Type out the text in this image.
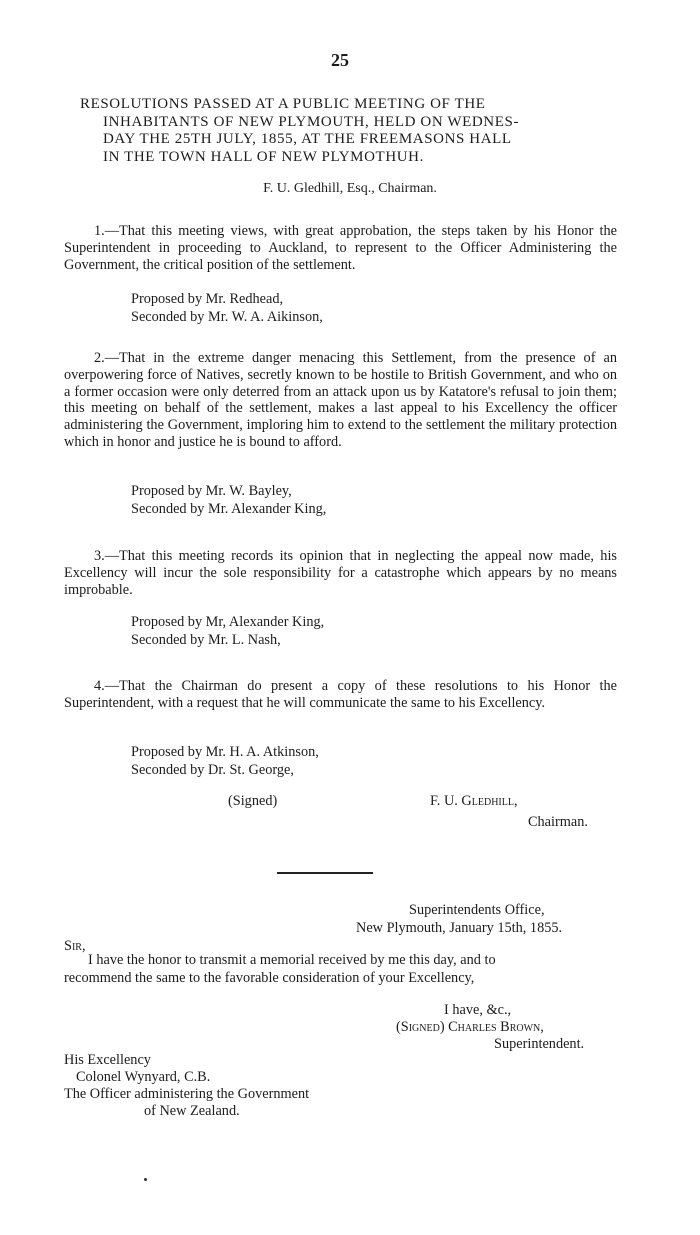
25
RESOLUTIONS PASSED AT A PUBLIC MEETING OF THE
INHABITANTS OF NEW PLYMOUTH, HELD ON WEDNES-
DAY THE 25TH JULY, 1855, AT THE FREEMASONS HALL
IN THE TOWN HALL OF NEW PLYMOTHUH.
F. U. Gledhill, Esq., Chairman.

1.—That this meeting views, with great approbation, the steps taken by his Honor the Superintendent in proceeding to Auckland, to represent to the Officer Administering the Government, the critical position of the settlement.

Proposed by Mr. Redhead,
Seconded by Mr. W. A. Aikinson,

2.—That in the extreme danger menacing this Settlement, from the presence of an overpowering force of Natives, secretly known to be hostile to British Government, and who on a former occasion were only deterred from an attack upon us by Katatore's refusal to join them; this meeting on behalf of the settlement, makes a last appeal to his Excellency the officer administering the Government, imploring him to extend to the settlement the military protection which in honor and justice he is bound to afford.

Proposed by Mr. W. Bayley,
Seconded by Mr. Alexander King,

3.—That this meeting records its opinion that in neglecting the appeal now made, his Excellency will incur the sole responsibility for a catastrophe which appears by no means improbable.

Proposed by Mr, Alexander King,
Seconded by Mr. L. Nash,

4.—That the Chairman do present a copy of these resolutions to his Honor the Superintendent, with a request that he will communicate the same to his Excellency.

Proposed by Mr. H. A. Atkinson,
Seconded by Dr. St. George,
(Signed)	F. U. Gledhill,
Chairman.
Superintendents Office,
New Plymouth, January 15th, 1855.
Sir,
I have the honor to transmit a memorial received by me this day, and to
recommend the same to the favorable consideration of your Excellency,
I have, &c.,
(Signed) Charles Brown,
Superintendent.
His Excellency
Colonel Wynyard, C.B.
The Officer administering the Government
of New Zealand.
